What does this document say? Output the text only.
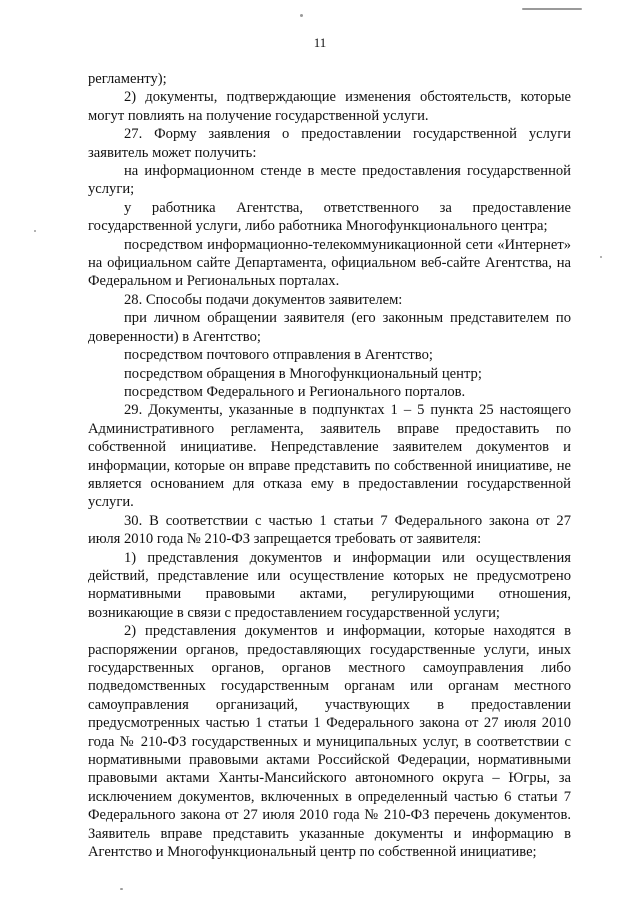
11

регламенту);

2) документы, подтверждающие изменения обстоятельств, которые могут повлиять на получение государственной услуги.

27. Форму заявления о предоставлении государственной услуги заявитель может получить:

на информационном стенде в месте предоставления государственной услуги;

у работника Агентства, ответственного за предоставление государственной услуги, либо работника Многофункционального центра;

посредством информационно-телекоммуникационной сети «Интернет» на официальном сайте Департамента, официальном веб-сайте Агентства, на Федеральном и Региональных порталах.

28. Способы подачи документов заявителем:

при личном обращении заявителя (его законным представителем по доверенности) в Агентство;

посредством почтового отправления в Агентство;

посредством обращения в Многофункциональный центр;

посредством Федерального и Регионального порталов.

29. Документы, указанные в подпунктах 1 – 5 пункта 25 настоящего Административного регламента, заявитель вправе предоставить по собственной инициативе. Непредставление заявителем документов и информации, которые он вправе представить по собственной инициативе, не является основанием для отказа ему в предоставлении государственной услуги.

30. В соответствии с частью 1 статьи 7 Федерального закона от 27 июля 2010 года № 210-ФЗ запрещается требовать от заявителя:

1) представления документов и информации или осуществления действий, представление или осуществление которых не предусмотрено нормативными правовыми актами, регулирующими отношения, возникающие в связи с предоставлением государственной услуги;

2) представления документов и информации, которые находятся в распоряжении органов, предоставляющих государственные услуги, иных государственных органов, органов местного самоуправления либо подведомственных государственным органам или органам местного самоуправления организаций, участвующих в предоставлении предусмотренных частью 1 статьи 1 Федерального закона от 27 июля 2010 года № 210-ФЗ государственных и муниципальных услуг, в соответствии с нормативными правовыми актами Российской Федерации, нормативными правовыми актами Ханты-Мансийского автономного округа – Югры, за исключением документов, включенных в определенный частью 6 статьи 7 Федерального закона от 27 июля 2010 года № 210-ФЗ перечень документов. Заявитель вправе представить указанные документы и информацию в Агентство и Многофункциональный центр по собственной инициативе;
